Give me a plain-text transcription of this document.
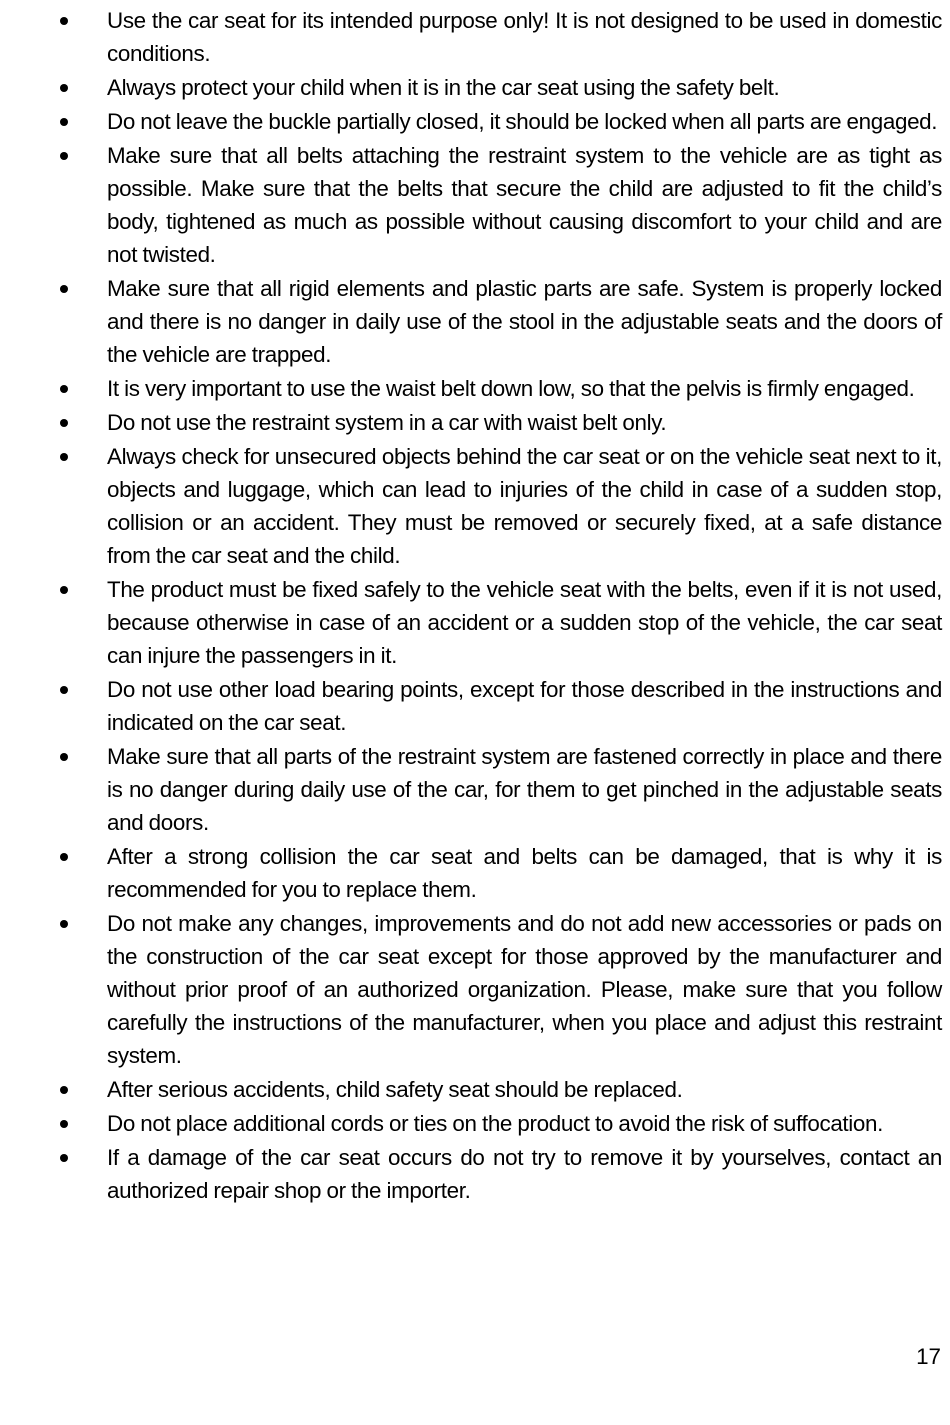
Use the car seat for its intended purpose only! It is not designed to be used in domestic conditions.
Always protect your child when it is in the car seat using the safety belt.
Do not leave the buckle partially closed, it should be locked when all parts are engaged.
Make sure that all belts attaching the restraint system to the vehicle are as tight as possible. Make sure that the belts that secure the child are adjusted to fit the child’s body, tightened as much as possible without causing discomfort to your child and are not twisted.
Make sure that all rigid elements and plastic parts are safe. System is properly locked and there is no danger in daily use of the stool in the adjustable seats and the doors of the vehicle are trapped.
It is very important to use the waist belt down low, so that the pelvis is firmly engaged.
Do not use the restraint system in a car with waist belt only.
Always check for unsecured objects behind the car seat or on the vehicle seat next to it, objects and luggage, which can lead to injuries of the child in case of a sudden stop, collision or an accident. They must be removed or securely fixed, at a safe distance from the car seat and the child.
The product must be fixed safely to the vehicle seat with the belts, even if it is not used, because otherwise in case of an accident or a sudden stop of the vehicle, the car seat can injure the passengers in it.
Do not use other load bearing points, except for those described in the instructions and indicated on the car seat.
Make sure that all parts of the restraint system are fastened correctly in place and there is no danger during daily use of the car, for them to get pinched in the adjustable seats and doors.
After a strong collision the car seat and belts can be damaged, that is why it is recommended for you to replace them.
Do not make any changes, improvements and do not add new accessories or pads on the construction of the car seat except for those approved by the manufacturer and without prior proof of an authorized organization. Please, make sure that you follow carefully the instructions of the manufacturer, when you place and adjust this restraint system.
After serious accidents, child safety seat should be replaced.
Do not place additional cords or ties on the product to avoid the risk of suffocation.
If a damage of the car seat occurs do not try to remove it by yourselves, contact an authorized repair shop or the importer.
17
